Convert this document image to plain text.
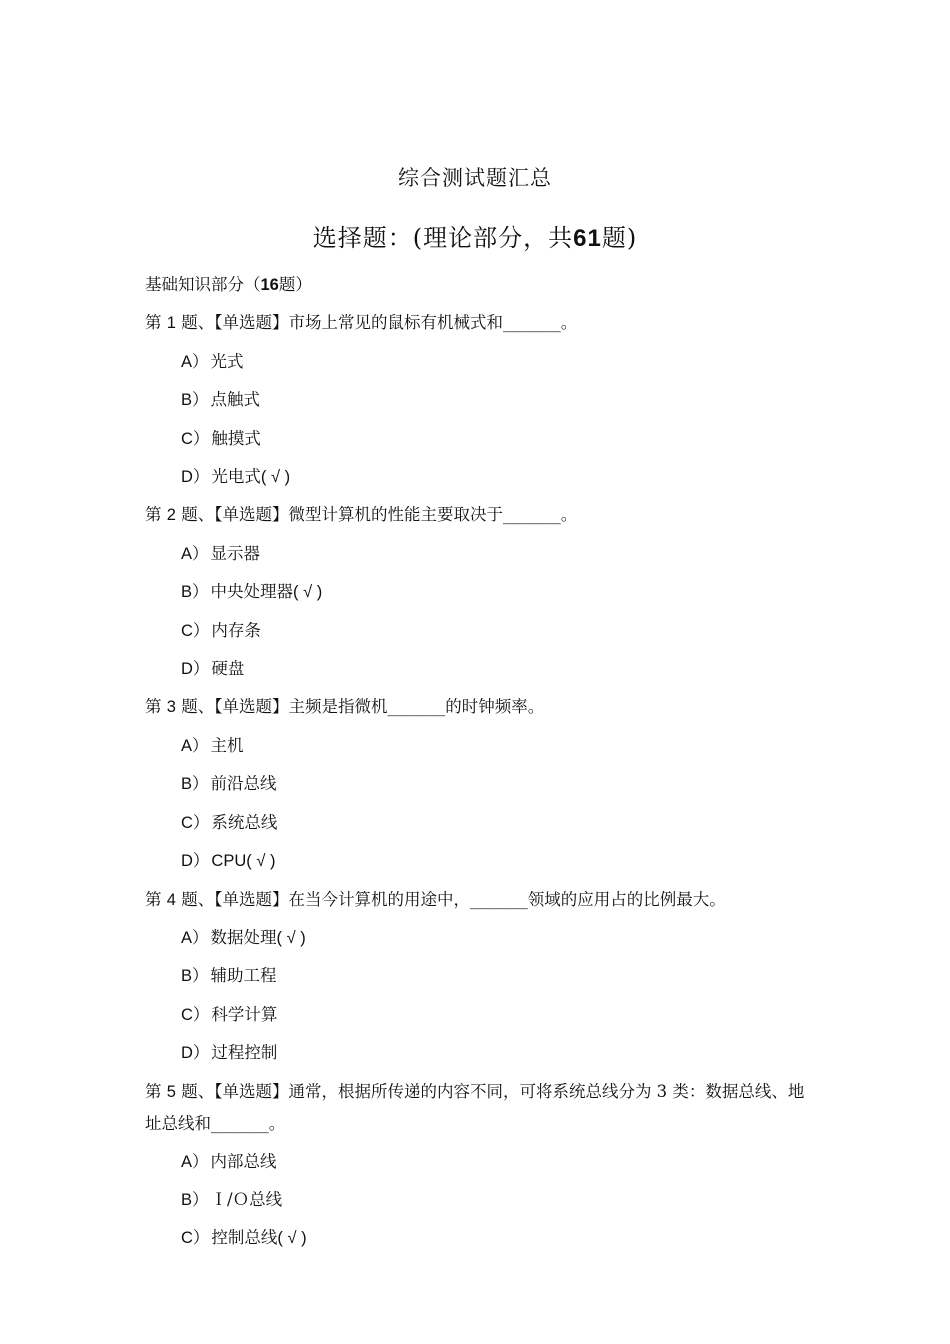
综合测试题汇总
选择题：(理论部分，共61题)
基础知识部分（16题）
第 1 题、【单选题】市场上常见的鼠标有机械式和_______。
A） 光式
B） 点触式
C） 触摸式
D） 光电式( √ )
第 2 题、【单选题】微型计算机的性能主要取决于_______。
A） 显示器
B） 中央处理器( √ )
C） 内存条
D） 硬盘
第 3 题、【单选题】主频是指微机_______的时钟频率。
A） 主机
B） 前沿总线
C） 系统总线
D） CPU( √ )
第 4 题、【单选题】在当今计算机的用途中，_______领域的应用占的比例最大。
A） 数据处理( √ )
B） 辅助工程
C） 科学计算
D） 过程控制
第 5 题、【单选题】通常，根据所传递的内容不同，可将系统总线分为 3 类：数据总线、地址总线和_______。
A） 内部总线
B） Ｉ/Ｏ总线
C） 控制总线( √ )
